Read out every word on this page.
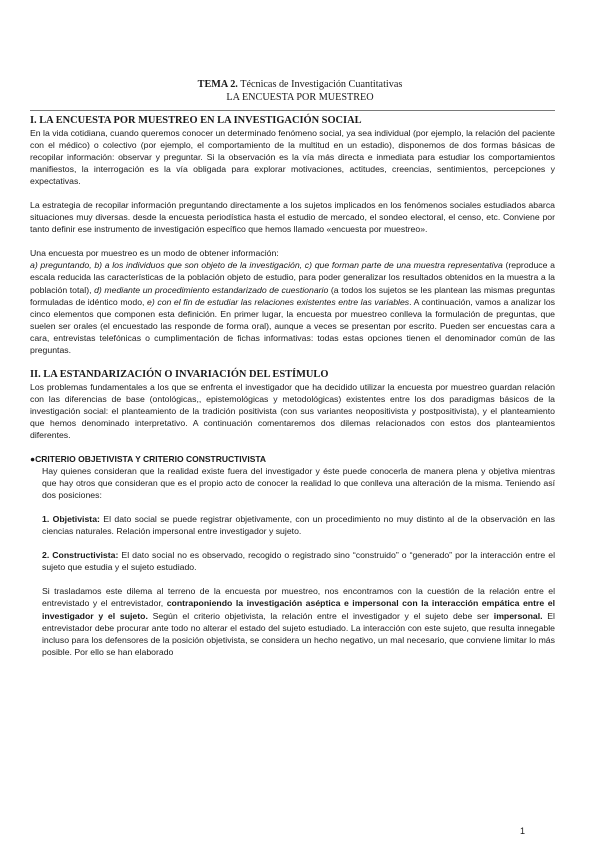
TEMA 2. Técnicas de Investigación Cuantitativas
LA ENCUESTA POR MUESTREO

I. LA ENCUESTA POR MUESTREO EN LA INVESTIGACIÓN SOCIAL

En la vida cotidiana, cuando queremos conocer un determinado fenómeno social, ya sea individual (por ejemplo, la relación del paciente con el médico) o colectivo (por ejemplo, el comportamiento de la multitud en un estadio), disponemos de dos formas básicas de recopilar información: observar y preguntar. Si la observación es la vía más directa e inmediata para estudiar los comportamientos manifiestos, la interrogación es la vía obligada para explorar motivaciones, actitudes, creencias, sentimientos, percepciones y expectativas.

La estrategia de recopilar información preguntando directamente a los sujetos implicados en los fenómenos sociales estudiados abarca situaciones muy diversas. desde la encuesta periodística hasta el estudio de mercado, el sondeo electoral, el censo, etc. Conviene por tanto definir ese instrumento de investigación específico que hemos llamado «encuesta por muestreo».

Una encuesta por muestreo es un modo de obtener información:

a) preguntando, b) a los individuos que son objeto de la investigación, c) que forman parte de una muestra representativa (reproduce a escala reducida las características de la población objeto de estudio, para poder generalizar los resultados obtenidos en la muestra a la población total), d) mediante un procedimiento estandarizado de cuestionario (a todos los sujetos se les plantean las mismas preguntas formuladas de idéntico modo, e) con el fin de estudiar las relaciones existentes entre las variables. A continuación, vamos a analizar los cinco elementos que componen esta definición. En primer lugar, la encuesta por muestreo conlleva la formulación de preguntas, que suelen ser orales (el encuestado las responde de forma oral), aunque a veces se presentan por escrito. Pueden ser encuestas cara a cara, entrevistas telefónicas o cumplimentación de fichas informativas: todas estas opciones tienen el denominador común de las preguntas.

II. LA ESTANDARIZACIÓN O INVARIACIÓN DEL ESTÍMULO

Los problemas fundamentales a los que se enfrenta el investigador que ha decidido utilizar la encuesta por muestreo guardan relación con las diferencias de base (ontológicas,, epistemológicas y metodológicas) existentes entre los dos paradigmas básicos de la investigación social: el planteamiento de la tradición positivista (con sus variantes neopositivista y postpositivista), y el planteamiento que hemos denominado interpretativo. A continuación comentaremos dos dilemas relacionados con estos dos planteamientos diferentes.

●CRITERIO OBJETIVISTA Y CRITERIO CONSTRUCTIVISTA

Hay quienes consideran que la realidad existe fuera del investigador y éste puede conocerla de manera plena y objetiva mientras que hay otros que consideran que es el propio acto de conocer la realidad lo que conlleva una alteración de la misma. Teniendo así dos posiciones:

1. Objetivista: El dato social se puede registrar objetivamente, con un procedimiento no muy distinto al de la observación en las ciencias naturales. Relación impersonal entre investigador y sujeto.

2. Constructivista: El dato social no es observado, recogido o registrado sino “construido” o “generado” por la interacción entre el sujeto que estudia y el sujeto estudiado.

Si trasladamos este dilema al terreno de la encuesta por muestreo, nos encontramos con la cuestión de la relación entre el entrevistado y el entrevistador, contraponiendo la investigación aséptica e impersonal con la interacción empática entre el investigador y el sujeto. Según el criterio objetivista, la relación entre el investigador y el sujeto debe ser impersonal. El entrevistador debe procurar ante todo no alterar el estado del sujeto estudiado. La interacción con este sujeto, que resulta innegable incluso para los defensores de la posición objetivista, se considera un hecho negativo, un mal necesario, que conviene limitar lo más posible. Por ello se han elaborado

1
